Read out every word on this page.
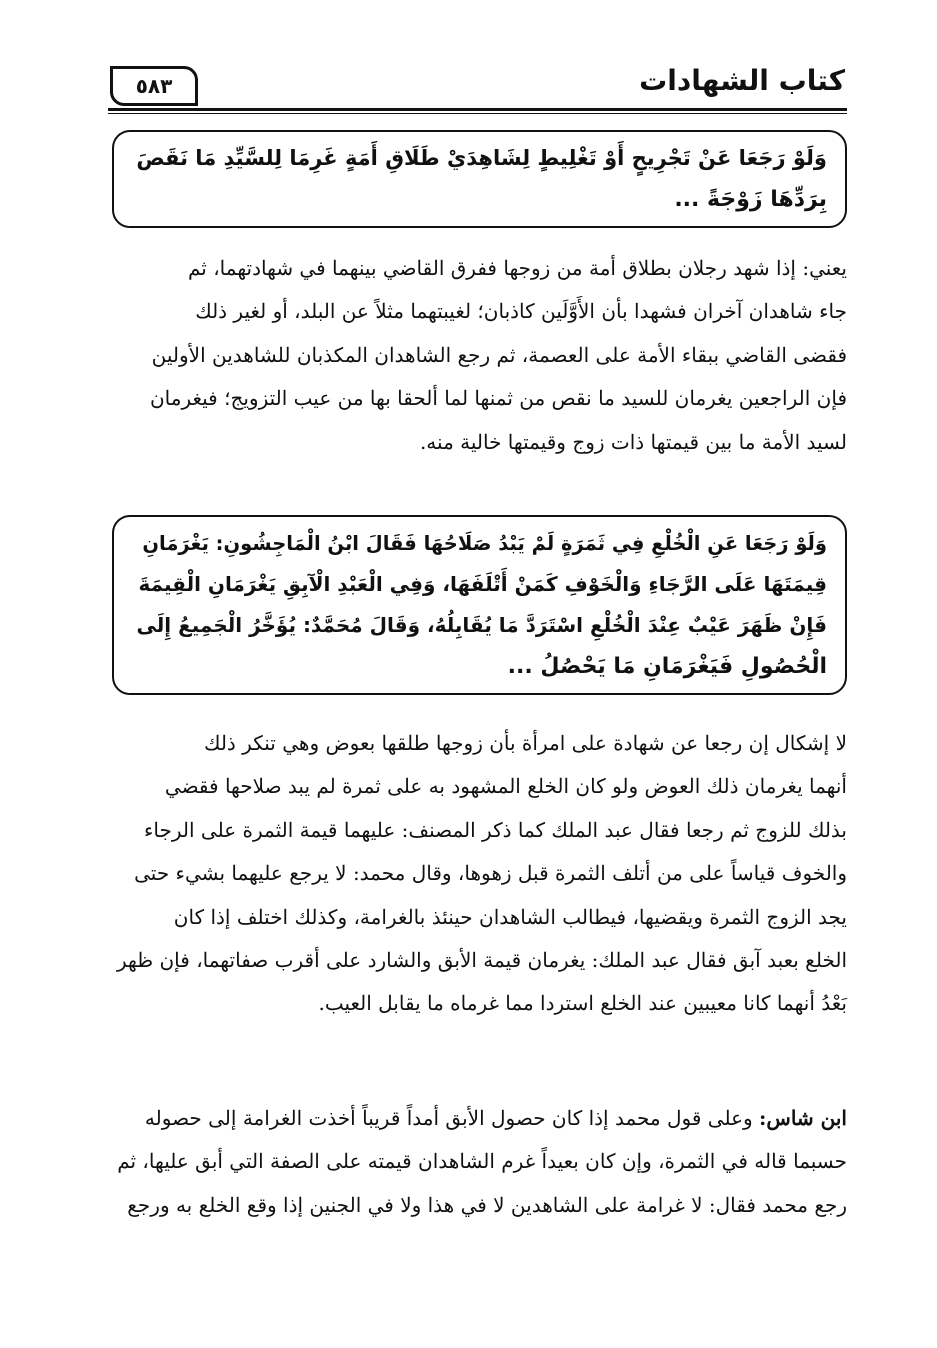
كتاب الشهادات
٥٨٣
وَلَوْ رَجَعَا عَنْ تَجْرِيحٍ أَوْ تَغْلِيطٍ لِشَاهِدَيْ طَلَاقِ أَمَةٍ غَرِمَا لِلسَّيِّدِ مَا نَقَصَ
بِرَدِّهَا زَوْجَةً ...
يعني: إذا شهد رجلان بطلاق أمة من زوجها ففرق القاضي بينهما في شهادتهما، ثم
جاء شاهدان آخران فشهدا بأن الأَوَّلَين كاذبان؛ لغيبتهما مثلاً عن البلد، أو لغير ذلك
فقضى القاضي ببقاء الأمة على العصمة، ثم رجع الشاهدان المكذبان للشاهدين الأولين
فإن الراجعين يغرمان للسيد ما نقص من ثمنها لما ألحقا بها من عيب التزويج؛ فيغرمان
لسيد الأمة ما بين قيمتها ذات زوج وقيمتها خالية منه.
وَلَوْ رَجَعَا عَنِ الْخُلْعِ فِي ثَمَرَةٍ لَمْ يَبْدُ صَلَاحُهَا فَقَالَ ابْنُ الْمَاجِشُونِ: يَغْرَمَانِ
قِيمَتَهَا عَلَى الرَّجَاءِ وَالْخَوْفِ كَمَنْ أَتْلَفَهَا، وَفِي الْعَبْدِ الْآبِقِ يَغْرَمَانِ الْقِيمَةَ
فَإِنْ ظَهَرَ عَيْبٌ عِنْدَ الْخُلْعِ اسْتَرَدَّ مَا يُقَابِلُهُ، وَقَالَ مُحَمَّدٌ: يُؤَخَّرُ الْجَمِيعُ إِلَى
الْحُصُولِ فَيَغْرَمَانِ مَا يَحْصُلُ ...
لا إشكال إن رجعا عن شهادة على امرأة بأن زوجها طلقها بعوض وهي تنكر ذلك
أنهما يغرمان ذلك العوض ولو كان الخلع المشهود به على ثمرة لم يبد صلاحها فقضي
بذلك للزوج ثم رجعا فقال عبد الملك كما ذكر المصنف: عليهما قيمة الثمرة على الرجاء
والخوف قياساً على من أتلف الثمرة قبل زهوها، وقال محمد: لا يرجع عليهما بشيء حتى
يجد الزوج الثمرة ويقضيها، فيطالب الشاهدان حينئذ بالغرامة، وكذلك اختلف إذا كان
الخلع بعبد آبق فقال عبد الملك: يغرمان قيمة الأبق والشارد على أقرب صفاتهما، فإن ظهر
بَعْدُ أنهما كانا معيبين عند الخلع استردا مما غرماه ما يقابل العيب.
ابن شاس: وعلى قول محمد إذا كان حصول الأبق أمداً قريباً أخذت الغرامة إلى حصوله
حسبما قاله في الثمرة، وإن كان بعيداً غرم الشاهدان قيمته على الصفة التي أبق عليها، ثم
رجع محمد فقال: لا غرامة على الشاهدين لا في هذا ولا في الجنين إذا وقع الخلع به ورجع
